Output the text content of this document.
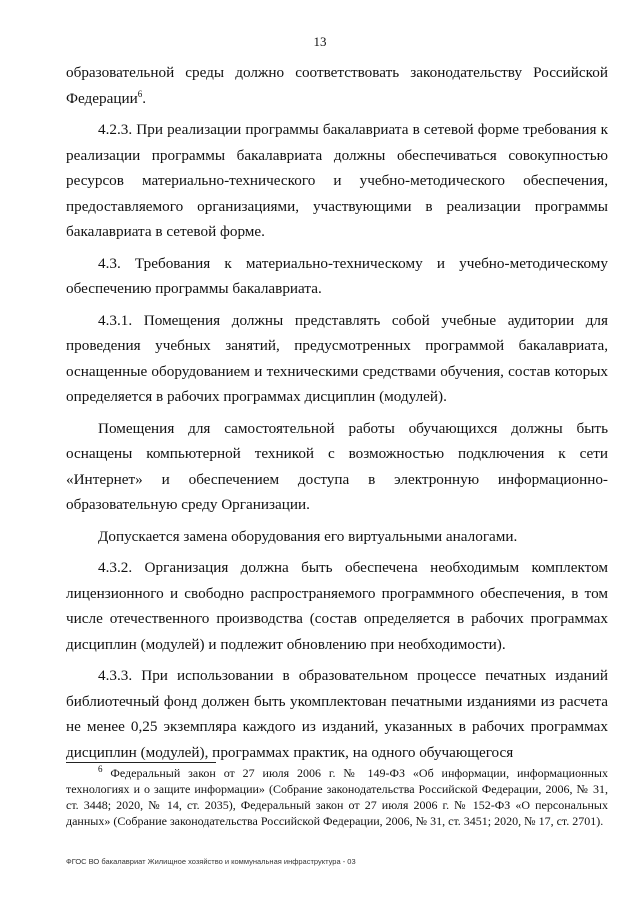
13

образовательной среды должно соответствовать законодательству Российской Федерации$^6$.

4.2.3. При реализации программы бакалавриата в сетевой форме требования к реализации программы бакалавриата должны обеспечиваться совокупностью ресурсов материально-технического и учебно-методического обеспечения, предоставляемого организациями, участвующими в реализации программы бакалавриата в сетевой форме.

4.3. Требования к материально-техническому и учебно-методическому обеспечению программы бакалавриата.

4.3.1. Помещения должны представлять собой учебные аудитории для проведения учебных занятий, предусмотренных программой бакалавриата, оснащенные оборудованием и техническими средствами обучения, состав которых определяется в рабочих программах дисциплин (модулей).

Помещения для самостоятельной работы обучающихся должны быть оснащены компьютерной техникой с возможностью подключения к сети «Интернет» и обеспечением доступа в электронную информационно-образовательную среду Организации.

Допускается замена оборудования его виртуальными аналогами.

4.3.2. Организация должна быть обеспечена необходимым комплектом лицензионного и свободно распространяемого программного обеспечения, в том числе отечественного производства (состав определяется в рабочих программах дисциплин (модулей) и подлежит обновлению при необходимости).

4.3.3. При использовании в образовательном процессе печатных изданий библиотечный фонд должен быть укомплектован печатными изданиями из расчета не менее 0,25 экземпляра каждого из изданий, указанных в рабочих программах дисциплин (модулей), программах практик, на одного обучающегося

$^6$ Федеральный закон от 27 июля 2006 г. № 149-ФЗ «Об информации, информационных технологиях и о защите информации» (Собрание законодательства Российской Федерации, 2006, № 31, ст. 3448; 2020, № 14, ст. 2035), Федеральный закон от 27 июля 2006 г. № 152-ФЗ «О персональных данных» (Собрание законодательства Российской Федерации, 2006, № 31, ст. 3451; 2020, № 17, ст. 2701).

ФГОС ВО бакалавриат Жилищное хозяйство и коммунальная инфраструктура - 03
